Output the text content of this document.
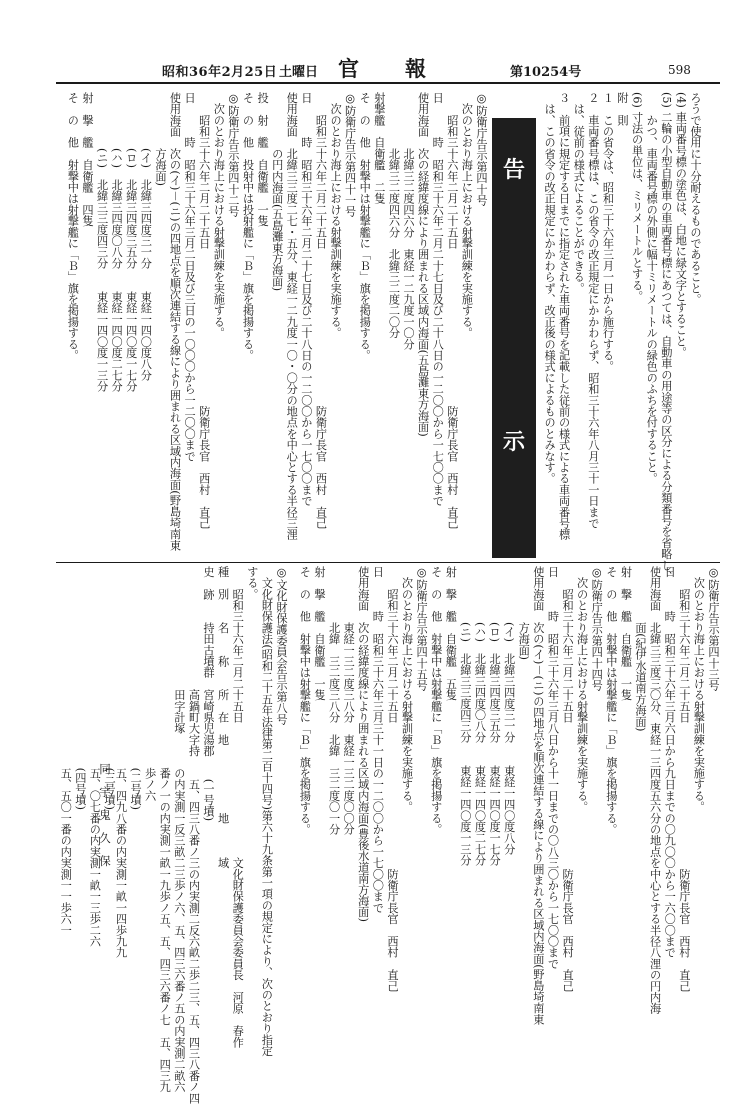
昭和36年2月25日 土曜日 官報	第10254号	598

ろうで使用に十分耐えるものであること。

(4) 車両番号標の塗色は、白地に緑文字とすること。

(5) 二輪の小型自動車の車両番号標にあつては、自動車の用途等の区分による分類番号を省略し、

　　かつ、車両番号標の外側に幅十ミリメートルの緑色のふちを付すること。

(6) 寸法の単位は、ミリメートルとする。

附　則

１　この省令は、昭和三十六年三月一日から施行する。

２　車両番号標は、この省令の改正規定にかかわらず、昭和三十六年八月三十一日まで

　は、従前の様式によることができる。

３　前項に規定する日までに指定された車両番号を記載した従前の様式による車両番号標

　は、この省令の改正規定にかかわらず、改正後の様式によるものとみなす。

告
示

◎防衛庁告示第四十号

　次のとおり海上における射撃訓練を実施する。

　　昭和三十六年二月二十五日　　　　　　　　　　　　　　防衛庁長官　西村　直己

日　　　時　昭和三十六年二月二十七日及び二十八日の一二〇〇から一七〇〇まで

使用海面　次の経緯度線により囲まれる区域内海面(五島灘東方海面)

　　　　　北緯三二度四六分　東経一二九度一〇分

　　　　　北緯三二度四六分　北緯三二度二〇分

射撃艦　自衛艦　二隻

そ　の　他　射撃中は射撃艦に「Ｂ」旗を掲揚する。

◎防衛庁告示第四十一号

　次のとおり海上における射撃訓練を実施する。

　　昭和三十六年二月二十五日　　　　　　　　　　　　　　防衛庁長官　西村　直己

日　　　時　昭和三十六年二月二十七日及び二十八日の一二〇〇から一七〇〇まで

使用海面　北緯三三度二七・五分、東経一二九度一〇・〇分の地点を中心とする半径三浬

　　　　　の円内海面(五島灘東方海面)

投　射　艦　自衛艦　一隻

そ　の　他　投射中は投射艦に「Ｂ」旗を掲揚する。

◎防衛庁告示第四十二号

　次のとおり海上における射撃訓練を実施する。

　　昭和三十六年二月二十五日　　　　　　　　　　　　　　防衛庁長官　西村　直己

日　　　時　昭和三十六年三月二日及び三日の一〇〇〇から一二〇〇まで

使用海面　次の(イ)－(ニ)の四地点を順次連結する線により囲まれる区域内海面(野島埼南東

　　　　　方海面)

　　　　　(イ)　北緯三四度三一分　　東経一四〇度八分

　　　　　(ロ)　北緯三四度三五分　　東経一四〇度一七分

　　　　　(ハ)　北緯三四度〇八分　　東経一四〇度二七分

　　　　　(ニ)　北緯三三度四三分　　東経一四〇度一三分

射　撃　艦　自衛艦　四隻

そ　の　他　射撃中は射撃艦に「Ｂ」旗を掲揚する。

◎防衛庁告示第四十三号

　次のとおり海上における射撃訓練を実施する。

　　昭和三十六年二月二十五日　　　　　　　　　　　　　防衛庁長官　西村　直己

日　　　時　昭和三十六年三月六日から九日までの〇九〇〇から一六〇〇まで

使用海面　北緯三三度三〇分、東経一三四度五六分の地点を中心とする半径八浬の円内海

　　　　　面(紀伊水道南方海面)

射　撃　艦　自衛艦　一隻

そ　の　他　射撃中は射撃艦に「Ｂ」旗を掲揚する。

◎防衛庁告示第四十四号

　次のとおり海上における射撃訓練を実施する。

　　昭和三十六年二月二十五日　　　　　　　　　　　　　防衛庁長官　西村　直己

日　　　時　昭和三十六年三月八日から十一日までの〇八三〇から一七〇〇まで

使用海面　次の(イ)－(ニ)の四地点を順次連結する線により囲まれる区域内海面(野島埼南東

　　　　　方海面)

　　　　　(イ)　北緯三四度三一分　　東経一四〇度八分

　　　　　(ロ)　北緯三四度三五分　　東経一四〇度一七分

　　　　　(ハ)　北緯三四度〇八分　　東経一四〇度二七分

　　　　　(ニ)　北緯三三度四三分　　東経一四〇度一三分

射　撃　艦　自衛艦　五隻

そ　の　他　射撃中は射撃艦に「Ｂ」旗を掲揚する。

◎防衛庁告示第四十五号

　次のとおり海上における射撃訓練を実施する。

　　昭和三十六年二月二十五日　　　　　　　　　　　　　防衛庁長官　西村　直己

日　　　時　昭和三十六年三月三十一日の一二〇〇から一七〇〇まで

使用海面　次の経緯度線により囲まれる区域内海面(豊後水道南方海面)

　　　　　東経一三二度三八分　東経一三二度〇〇分

　　　　　北緯　三二度三八分　北緯　三二度〇一分

射　撃　艦　自衛艦　一隻

そ　の　他　射撃中は射撃艦に「Ｂ」旗を掲揚する。

◎文化財保護委員会告示第八号

　文化財保護法(昭和二十五年法律第二百十四号)第六十九条第一項の規定により、次のとおり指定

する。

　　昭和三十六年二月二十五日　　　　　　　　　　　　文化財保護委員会委員長　河原　春作

種　別　　名　　称　　所　在　地　　　　　　地　　　域

史　跡　　持田古墳群　宮崎県児湯郡　　(一号墳)

　　　　　　　　　　　高鍋町大字持　　五、四三八番ノ三の内実測二反六畝二歩二三、五、四三八番ノ四

　　　　　　　　　　　田字計塚　　　の内実測一反三畝二三歩ノ六、五、四三六番ノ五の内実測二畝六

　　　　　　　　　　　　　　　　　　番ノ一の内実測一畝一九歩ノ五、五、四三六番ノ七　五、四三九

　　　　　　　　　　　　　　　　　　歩ノ六

　　　　　　　　　　　　　　　　　　(二号墳)

　　　　　　　　　　　　　　　　　　五、四九八番の内実測一畝一四歩九九

　　　　　　　　　　　　　　　　　　(三号墳)

　　　　　　　　　　　　　　　　　　五、〇七番の内実測一畝一三歩二六

　　　　　　　　　　　　　　　　　　(四号墳)

　　　　　　　　　　　　　　　　　　五、五〇一番の内実測一一歩六一 同　宇　鬼　久　保
